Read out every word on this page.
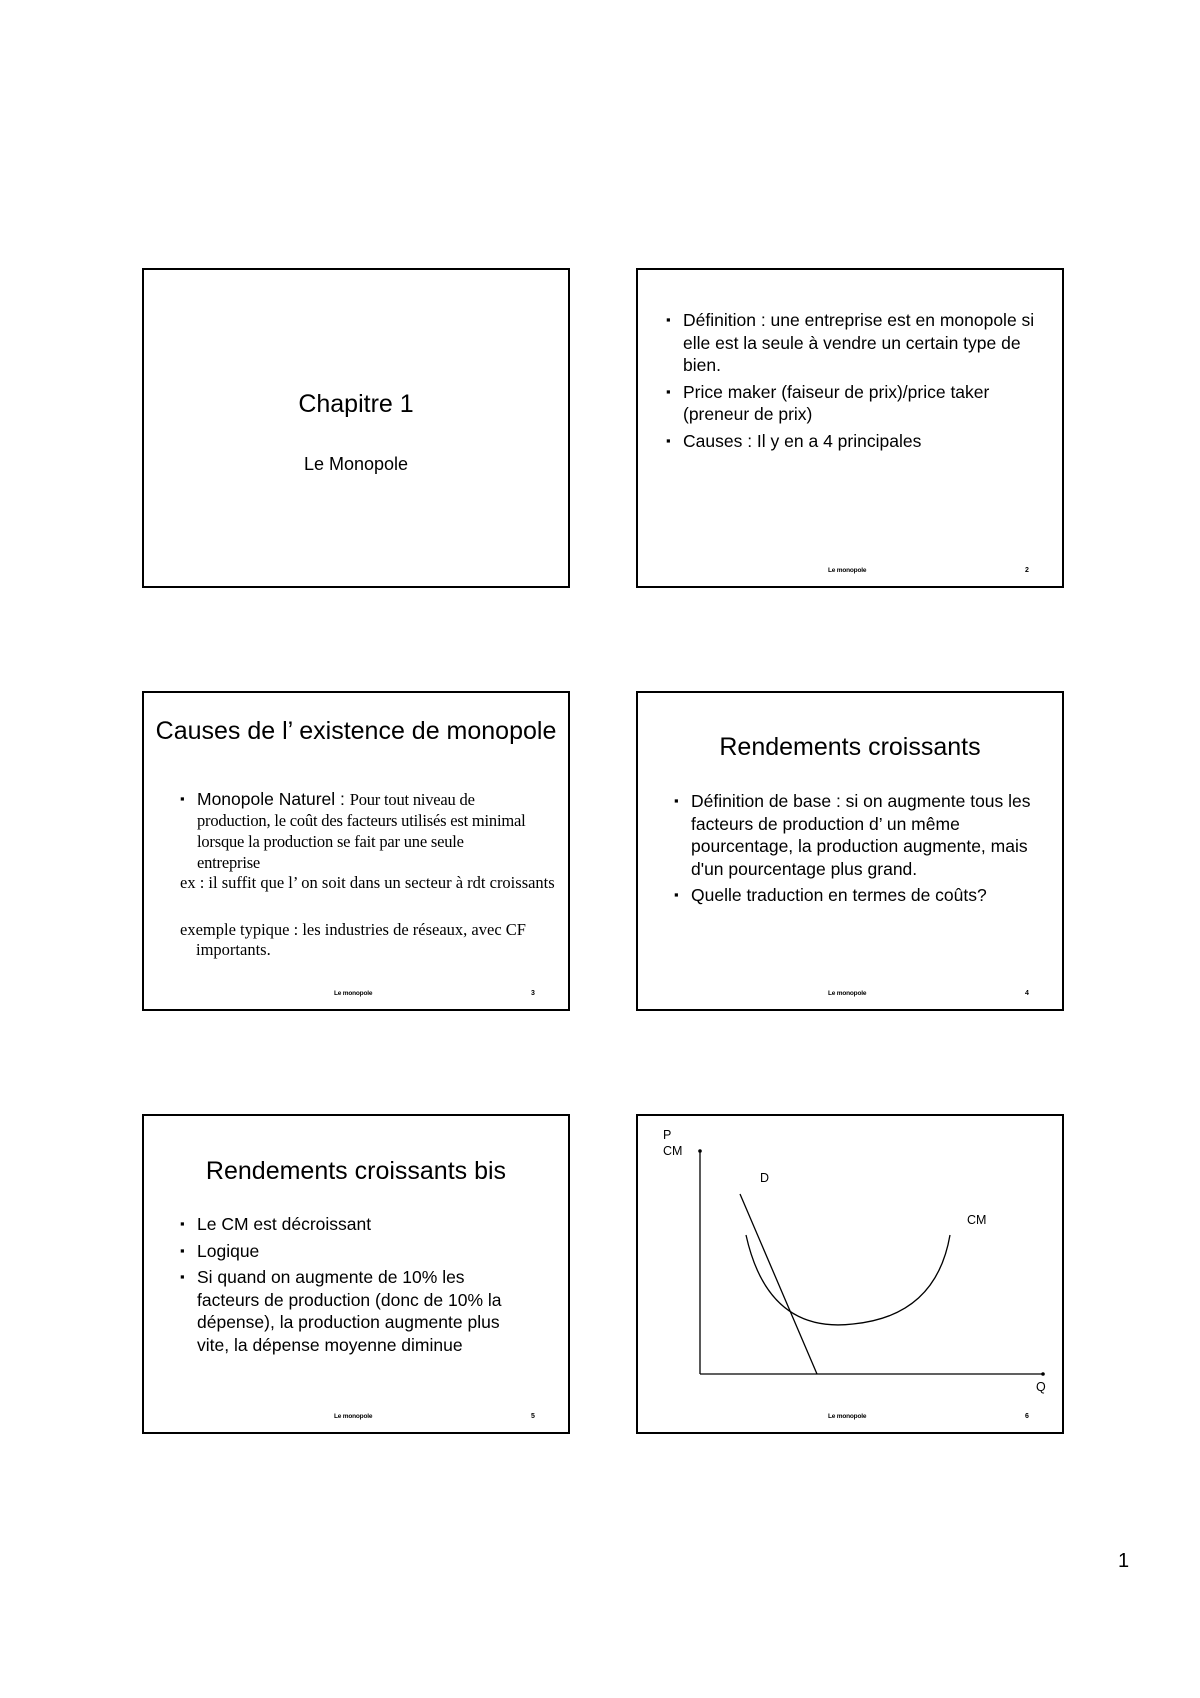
Chapitre 1
Le Monopole
▪ Définition : une entreprise est en monopole si elle est la seule à vendre un certain type de bien.
▪ Price maker (faiseur de prix)/price taker (preneur de prix)
▪ Causes : Il y en a 4 principales
Le monopole	2
Causes de l’ existence de monopole
▪ Monopole Naturel : Pour tout niveau de production, le coût des facteurs utilisés est minimal lorsque la production se fait par une seule entreprise
ex : il suffit que l’ on soit dans un secteur à rdt croissants
exemple typique : les industries de réseaux, avec CF importants.
Le monopole	3
Rendements croissants
▪ Définition de base : si on augmente tous les facteurs de production d’ un même pourcentage, la production augmente, mais d'un pourcentage plus grand.
▪ Quelle traduction en termes de coûts?
Le monopole	4
Rendements croissants bis
▪ Le CM est décroissant
▪ Logique
▪ Si quand on augmente de 10% les facteurs de production (donc de 10% la dépense), la production augmente plus vite, la dépense moyenne diminue
Le monopole	5
P
CM
Q
D
CM
Le monopole	6
1
